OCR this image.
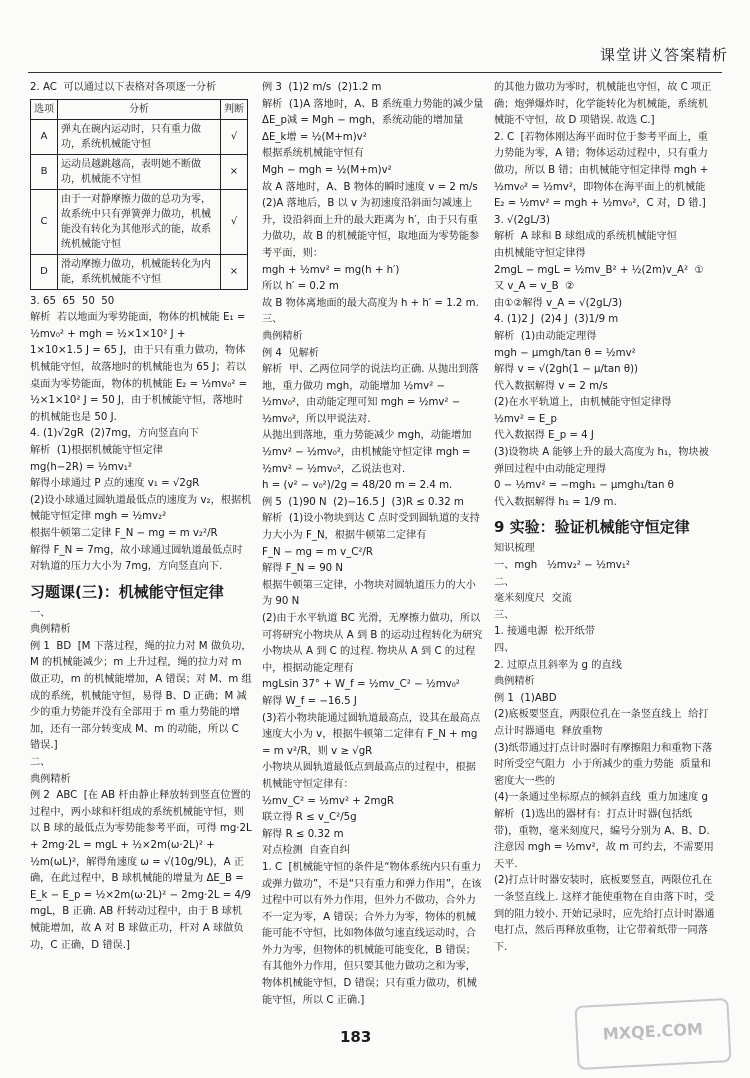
课堂讲义答案精析

2. AC  可以通过以下表格对各项逐一分析

选项	分析	判断
A	弹丸在碗内运动时，只有重力做功，系统机械能守恒	√
B	运动员越跳越高，表明她不断做功，机械能不守恒	×
C	由于一对静摩擦力做的总功为零，故系统中只有弹簧弹力做功，机械能没有转化为其他形式的能，故系统机械能守恒	√
D	滑动摩擦力做功，机械能转化为内能，系统机械能不守恒	×

3. 65  65  50  50

解析  若以地面为零势能面，物体的机械能 E₁ = ½mv₀² + mgh = ½×1×10² J +

1×10×1.5 J = 65 J，由于只有重力做功，物体机械能守恒，故落地时的机械能也为 65 J；若以桌面为零势能面，物体的机械能 E₂ = ½mv₀² = ½×1×10² J = 50 J，由于机械能守恒，落地时的机械能也是 50 J.

4. (1)√2gR  (2)7mg，方向竖直向下

解析  (1)根据机械能守恒定律

mg(h−2R) = ½mv₁²

解得小球通过 P 点的速度 v₁ = √2gR

(2)设小球通过圆轨道最低点的速度为 v₂，根据机械能守恒定律 mgh = ½mv₂²

根据牛顿第二定律 F_N − mg = m v₂²/R

解得 F_N = 7mg，故小球通过圆轨道最低点时对轨道的压力大小为 7mg，方向竖直向下.

习题课(三)：机械能守恒定律

一、

典例精析

例 1  BD  [M 下落过程，绳的拉力对 M 做负功，M 的机械能减少；m 上升过程，绳的拉力对 m 做正功，m 的机械能增加，A 错误；对 M、m 组成的系统，机械能守恒，易得 B、D 正确；M 减少的重力势能并没有全部用于 m 重力势能的增加，还有一部分转变成 M、m 的动能，所以 C 错误.]

二、

典例精析

例 2  ABC  [在 AB 杆由静止释放转到竖直位置的过程中，两小球和杆组成的系统机械能守恒，则以 B 球的最低点为零势能参考平面，可得 mg·2L + 2mg·2L = mgL + ½×2m(ω·2L)² + ½m(ωL)²，解得角速度 ω = √(10g/9L)，A 正确，在此过程中，B 球机械能的增量为 ΔE_B = E_k − E_p = ½×2m(ω·2L)² − 2mg·2L = 4/9 mgL，B 正确. AB 杆转动过程中，由于 B 球机械能增加，故 A 对 B 球做正功，杆对 A 球做负功，C 正确，D 错误.]

例 3  (1)2 m/s  (2)1.2 m

解析  (1)A 落地时，A、B 系统重力势能的减少量 ΔE_p减 = Mgh − mgh，系统动能的增加量

ΔE_k增 = ½(M+m)v²

根据系统机械能守恒有

Mgh − mgh = ½(M+m)v²

故 A 落地时，A、B 物体的瞬时速度 v = 2 m/s

(2)A 落地后，B 以 v 为初速度沿斜面匀减速上升，设沿斜面上升的最大距离为 h′，由于只有重力做功，故 B 的机械能守恒，取地面为零势能参考平面，则：

mgh + ½mv² = mg(h + h′)

所以 h′ = 0.2 m

故 B 物体离地面的最大高度为 h + h′ = 1.2 m.

三、

典例精析

例 4  见解析

解析  甲、乙两位同学的说法均正确. 从抛出到落地，重力做功 mgh，动能增加 ½mv² − ½mv₀²，由动能定理可知 mgh = ½mv² − ½mv₀²，所以甲说法对.

从抛出到落地，重力势能减少 mgh，动能增加 ½mv² − ½mv₀²，由机械能守恒定律 mgh = ½mv² − ½mv₀²，乙说法也对.

h = (v² − v₀²)/2g = 48/20 m = 2.4 m.

例 5  (1)90 N  (2)−16.5 J  (3)R ≤ 0.32 m

解析  (1)设小物块到达 C 点时受到圆轨道的支持力大小为 F_N，根据牛顿第二定律有

F_N − mg = m v_C²/R

解得 F_N = 90 N

根据牛顿第三定律，小物块对圆轨道压力的大小为 90 N

(2)由于水平轨道 BC 光滑，无摩擦力做功，所以可将研究小物块从 A 到 B 的运动过程转化为研究小物块从 A 到 C 的过程. 物块从 A 到 C 的过程中，根据动能定理有

mgLsin 37° + W_f = ½mv_C² − ½mv₀²

解得 W_f = −16.5 J

(3)若小物块能通过圆轨道最高点，设其在最高点速度大小为 v，根据牛顿第二定律有 F_N + mg = m v²/R，则 v ≥ √gR

小物块从圆轨道最低点到最高点的过程中，根据机械能守恒定律有：

½mv_C² = ½mv² + 2mgR

联立得 R ≤ v_C²/5g

解得 R ≤ 0.32 m

对点检测  自查自纠

1. C  [机械能守恒的条件是“物体系统内只有重力或弹力做功”，不是“只有重力和弹力作用”，在该过程中可以有外力作用，但外力不做功，合外力不一定为零，A 错误；合外力为零，物体的机械能可能不守恒，比如物体做匀速直线运动时，合外力为零，但物体的机械能可能变化，B 错误；有其他外力作用，但只要其他力做功之和为零，物体机械能守恒，D 错误；只有重力做功，机械能守恒，所以 C 正确.]

的其他力做功为零时，机械能也守恒，故 C 项正确；炮弹爆炸时，化学能转化为机械能，系统机械能不守恒，故 D 项错误. 故选 C.]

2. C  [若物体刚达海平面时位于参考平面上，重力势能为零，A 错；物体运动过程中，只有重力做功，所以 B 错；由机械能守恒定律得 mgh + ½mv₀² = ½mv²，即物体在海平面上的机械能 E₂ = ½mv² = mgh + ½mv₀²，C 对，D 错.]

3. √(2gL/3)

解析  A 球和 B 球组成的系统机械能守恒

由机械能守恒定律得

2mgL − mgL = ½mv_B² + ½(2m)v_A²  ①

又 v_A = v_B  ②

由①②解得 v_A = √(2gL/3)

4. (1)2 J  (2)4 J  (3)1/9 m

解析  (1)由动能定理得

mgh − μmgh/tan θ = ½mv²

解得 v = √(2gh(1 − μ/tan θ))

代入数据解得 v = 2 m/s

(2)在水平轨道上，由机械能守恒定律得

½mv² = E_p

代入数据得 E_p = 4 J

(3)设物块 A 能够上升的最大高度为 h₁，物块被弹回过程中由动能定理得

0 − ½mv² = −mgh₁ − μmgh₁/tan θ

代入数据解得 h₁ = 1/9 m.

9 实验：验证机械能守恒定律

知识梳理

一、mgh   ½mv₂² − ½mv₁²

二、

毫米刻度尺  交流

三、

1. 接通电源  松开纸带

四、

2. 过原点且斜率为 g 的直线

典例精析

例 1  (1)ABD

(2)底板要竖直，两限位孔在一条竖直线上  给打点计时器通电  释放重物

(3)纸带通过打点计时器时有摩擦阻力和重物下落时所受空气阻力  小于所减少的重力势能  质量和密度大一些的

(4)一条通过坐标原点的倾斜直线  重力加速度 g

解析  (1)选出的器材有：打点计时器(包括纸带)，重物，毫米刻度尺，编号分别为 A、B、D. 注意因 mgh = ½mv²，故 m 可约去，不需要用天平.

(2)打点计时器安装时，底板要竖直，两限位孔在一条竖直线上. 这样才能使重物在自由落下时，受到的阻力较小. 开始记录时，应先给打点计时器通电打点，然后再释放重物，让它带着纸带一同落下.

183	MXQE.COM
